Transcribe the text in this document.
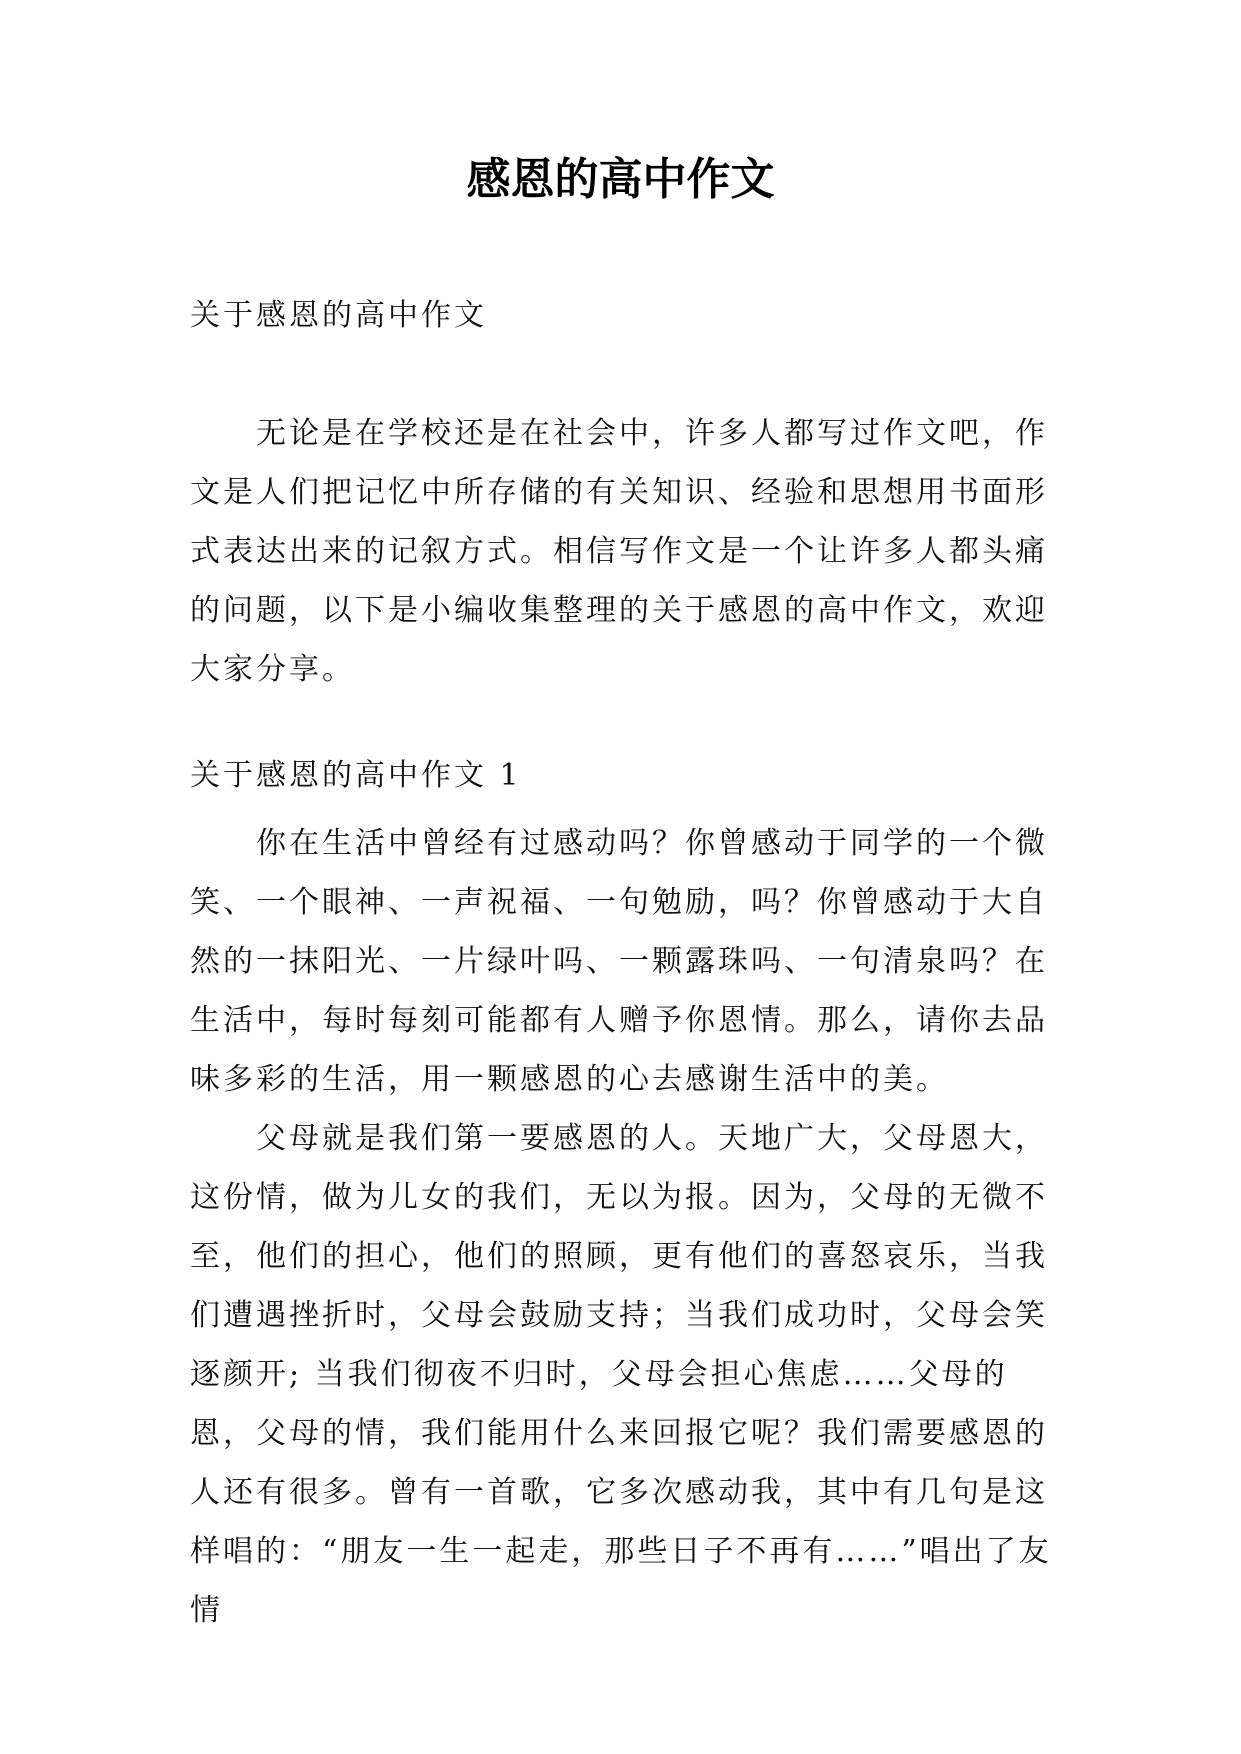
感恩的高中作文
关于感恩的高中作文

无论是在学校还是在社会中，许多人都写过作文吧，作文是人们把记忆中所存储的有关知识、经验和思想用书面形式表达出来的记叙方式。相信写作文是一个让许多人都头痛的问题，以下是小编收集整理的关于感恩的高中作文，欢迎大家分享。

关于感恩的高中作文 1

你在生活中曾经有过感动吗？你曾感动于同学的一个微笑、一个眼神、一声祝福、一句勉励，吗？你曾感动于大自然的一抹阳光、一片绿叶吗、一颗露珠吗、一句清泉吗？在生活中，每时每刻可能都有人赠予你恩情。那么，请你去品味多彩的生活，用一颗感恩的心去感谢生活中的美。

父母就是我们第一要感恩的人。天地广大，父母恩大，这份情，做为儿女的我们，无以为报。因为，父母的无微不至，他们的担心，他们的照顾，更有他们的喜怒哀乐，当我们遭遇挫折时，父母会鼓励支持；当我们成功时，父母会笑逐颜开; 当我们彻夜不归时，父母会担心焦虑……父母的恩，父母的情，我们能用什么来回报它呢？我们需要感恩的人还有很多。曾有一首歌，它多次感动我，其中有几句是这样唱的：“朋友一生一起走，那些日子不再有……”唱出了友情
